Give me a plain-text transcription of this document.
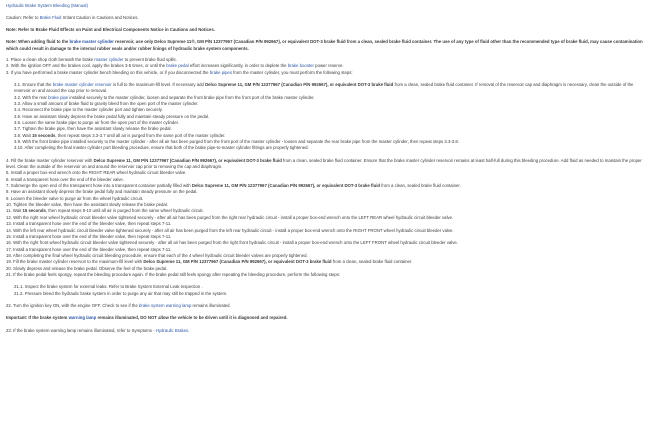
Hydraulic Brake System Bleeding (Manual)
Caution: Refer to Brake Fluid Irritant Caution in Cautions and Notices.
Note: Refer to Brake Fluid Effects on Paint and Electrical Components Notice in Cautions and Notices.
Note: When adding fluid to the brake master cylinder reservoir, use only Delco Supreme 11®, GM P/N 12377967 (Canadian P/N 992667), or equivalent DOT-3 brake fluid from a clean, sealed brake fluid container. The use of any type of fluid other than the recommended type of brake fluid, may cause contamination which could result in damage to the internal rubber seals and/or rubber linings of hydraulic brake system components.
1. Place a clean shop cloth beneath the brake master cylinder to prevent brake fluid spills.
2. With the ignition OFF and the brakes cool, apply the brakes 3-5 times, or until the brake pedal effort increases significantly, in order to deplete the brake booster power reserve.
3. If you have performed a brake master cylinder bench bleeding on this vehicle, or if you disconnected the brake pipes from the master cylinder, you must perform the following steps:
3.1. Ensure that the brake master cylinder reservoir is full to the maximum-fill level. If necessary add Delco Supreme 11, GM P/N 12377967 (Canadian P/N 992667), or equivalent DOT-3 brake fluid from a clean, sealed brake fluid container. If removal of the reservoir cap and diaphragm is necessary, clean the outside of the reservoir on and around the cap prior to removal.
3.2. With the rear brake pipe installed securely to the master cylinder, loosen and separate the front brake pipe from the front port of the brake master cylinder.
3.3. Allow a small amount of brake fluid to gravity bleed from the open port of the master cylinder.
3.4. Reconnect the brake pipe to the master cylinder port and tighten securely.
3.5. Have an assistant slowly depress the brake pedal fully and maintain steady pressure on the pedal.
3.6. Loosen the same brake pipe to purge air from the open port of the master cylinder.
3.7. Tighten the brake pipe, then have the assistant slowly release the brake pedal.
3.8. Wait 15 seconds, then repeat steps 3.3-3.7 until all air is purged from the same port of the master cylinder.
3.9. With the front brake pipe installed securely to the master cylinder - after all air has been purged from the front port of the master cylinder - loosen and separate the rear brake pipe from the master cylinder, then repeat steps 3.3-3.8.
3.10. After completing the final master cylinder port bleeding procedure, ensure that both of the brake pipe-to-master cylinder fittings are properly tightened.
4. Fill the brake master cylinder reservoir with Delco Supreme 11, GM P/N 12377967 (Canadian P/N 992667), or equivalent DOT-3 brake fluid from a clean, sealed brake fluid container. Ensure that the brake master cylinder reservoir remains at least half-full during this bleeding procedure. Add fluid as needed to maintain the proper level. Clean the outside of the reservoir on and around the reservoir cap prior to removing the cap and diaphragm.
5. Install a proper box-end wrench onto the RIGHT REAR wheel hydraulic circuit bleeder valve.
6. Install a transparent hose over the end of the bleeder valve.
7. Submerge the open end of the transparent hose into a transparent container partially filled with Delco Supreme 11, GM P/N 12377967 (Canadian P/N 992667), or equivalent DOT-3 brake fluid from a clean, sealed brake fluid container.
8. Have an assistant slowly depress the brake pedal fully and maintain steady pressure on the pedal.
9. Loosen the bleeder valve to purge air from the wheel hydraulic circuit.
10. Tighten the bleeder valve, then have the assistant slowly release the brake pedal.
11. Wait 15 seconds, then repeat steps 8-10 until all air is purged from the same wheel hydraulic circuit.
12. With the right rear wheel hydraulic circuit bleeder valve tightened securely - after all air has been purged from the right rear hydraulic circuit - install a proper box-end wrench onto the LEFT REAR wheel hydraulic circuit bleeder valve.
13. Install a transparent hose over the end of the bleeder valve, then repeat steps 7-11.
14. With the left rear wheel hydraulic circuit bleeder valve tightened securely - after all air has been purged from the left rear hydraulic circuit - install a proper box-end wrench onto the RIGHT FRONT wheel hydraulic circuit bleeder valve.
15. Install a transparent hose over the end of the bleeder valve, then repeat steps 7-11.
16. With the right front wheel hydraulic circuit bleeder valve tightened securely - after all air has been purged from the right front hydraulic circuit - install a proper box-end wrench onto the LEFT FRONT wheel hydraulic circuit bleeder valve.
17. Install a transparent hose over the end of the bleeder valve, then repeat steps 7-11.
18. After completing the final wheel hydraulic circuit bleeding procedure, ensure that each of the 4 wheel hydraulic circuit bleeder valves are properly tightened.
19. Fill the brake master cylinder reservoir to the maximum-fill level with Delco Supreme 11, GM P/N 12377967 (Canadian P/N 992667), or equivalent DOT-3 brake fluid from a clean, sealed brake fluid container.
20. Slowly depress and release the brake pedal. Observe the feel of the brake pedal.
21. If the brake pedal feels spongy, repeat the bleeding procedure again. If the brake pedal still feels spongy after repeating the bleeding procedure, perform the following steps:
21.1. Inspect the brake system for external leaks. Refer to Brake System External Leak Inspection .
21.2. Pressure bleed the hydraulic brake system in order to purge any air that may still be trapped in the system.
22. Turn the ignition key ON, with the engine OFF. Check to see if the brake system warning lamp remains illuminated.
Important: If the brake system warning lamp remains illuminated, DO NOT allow the vehicle to be driven until it is diagnosed and repaired.
23. If the brake system warning lamp remains illuminated, refer to Symptoms - Hydraulic Brakes.
